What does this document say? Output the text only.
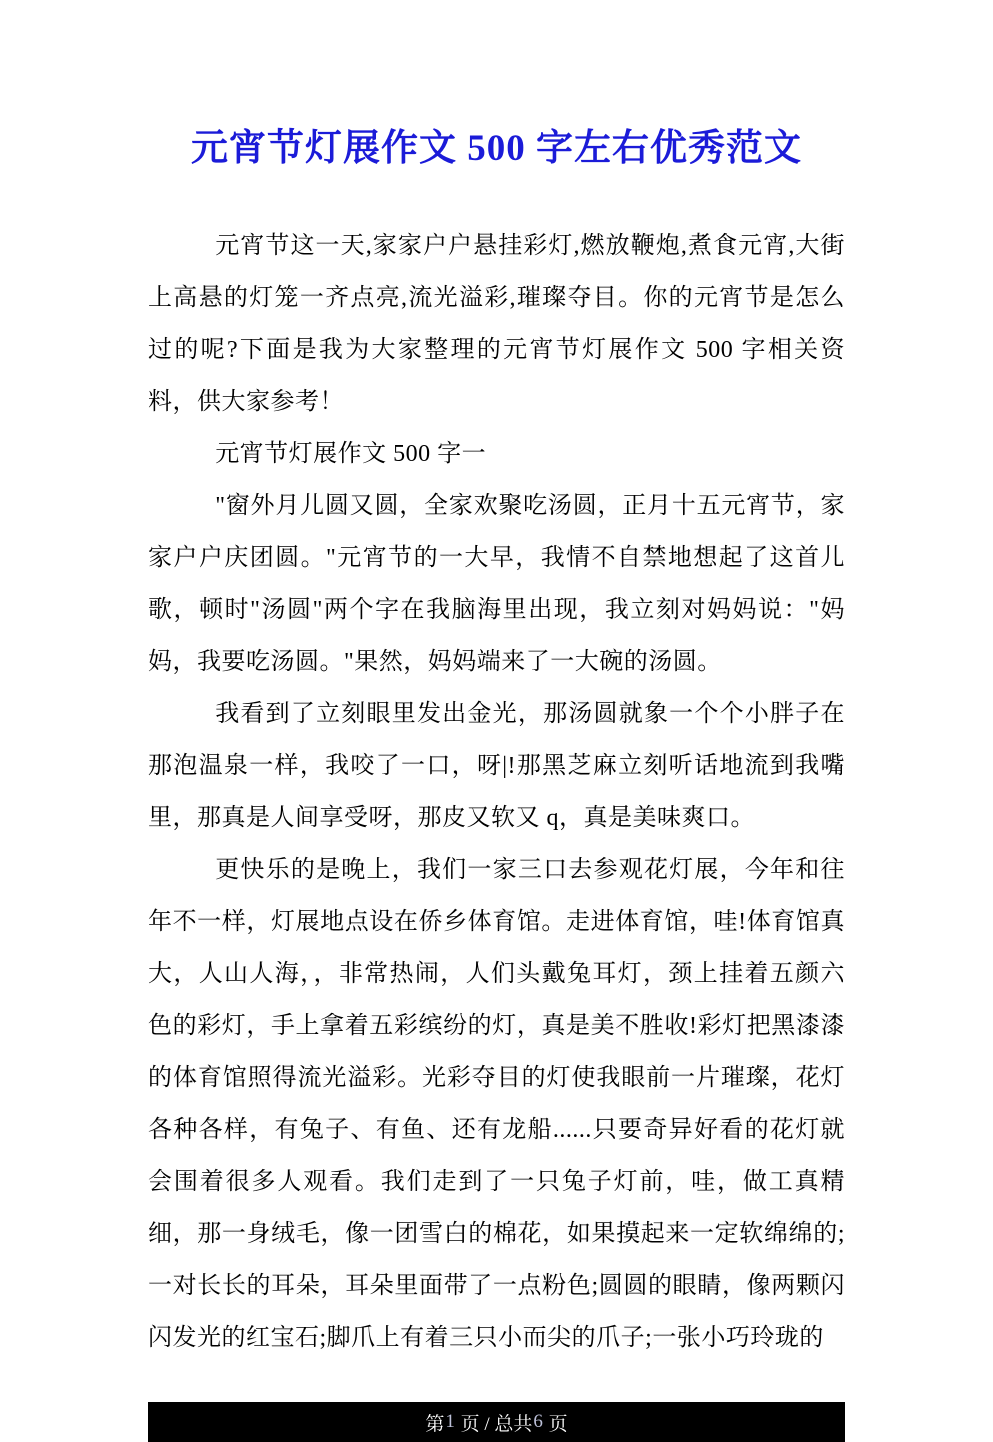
元宵节灯展作文 500 字左右优秀范文

元宵节这一天,家家户户悬挂彩灯,燃放鞭炮,煮食元宵,大街上高悬的灯笼一齐点亮,流光溢彩,璀璨夺目。你的元宵节是怎么过的呢?下面是我为大家整理的元宵节灯展作文 500 字相关资料，供大家参考！

元宵节灯展作文 500 字一

"窗外月儿圆又圆，全家欢聚吃汤圆，正月十五元宵节，家家户户庆团圆。"元宵节的一大早，我情不自禁地想起了这首儿歌，顿时"汤圆"两个字在我脑海里出现，我立刻对妈妈说："妈妈，我要吃汤圆。"果然，妈妈端来了一大碗的汤圆。

我看到了立刻眼里发出金光，那汤圆就象一个个小胖子在那泡温泉一样，我咬了一口，呀|!那黑芝麻立刻听话地流到我嘴里，那真是人间享受呀，那皮又软又 q，真是美味爽口。

更快乐的是晚上，我们一家三口去参观花灯展，今年和往年不一样，灯展地点设在侨乡体育馆。走进体育馆，哇!体育馆真大，人山人海，，非常热闹，人们头戴兔耳灯，颈上挂着五颜六色的彩灯，手上拿着五彩缤纷的灯，真是美不胜收!彩灯把黑漆漆的体育馆照得流光溢彩。光彩夺目的灯使我眼前一片璀璨，花灯各种各样，有兔子、有鱼、还有龙船......只要奇异好看的花灯就会围着很多人观看。我们走到了一只兔子灯前，哇，做工真精细，那一身绒毛，像一团雪白的棉花，如果摸起来一定软绵绵的;一对长长的耳朵，耳朵里面带了一点粉色;圆圆的眼睛，像两颗闪闪发光的红宝石;脚爪上有着三只小而尖的爪子;一张小巧玲珑的

第 1 页 / 总共 6 页
